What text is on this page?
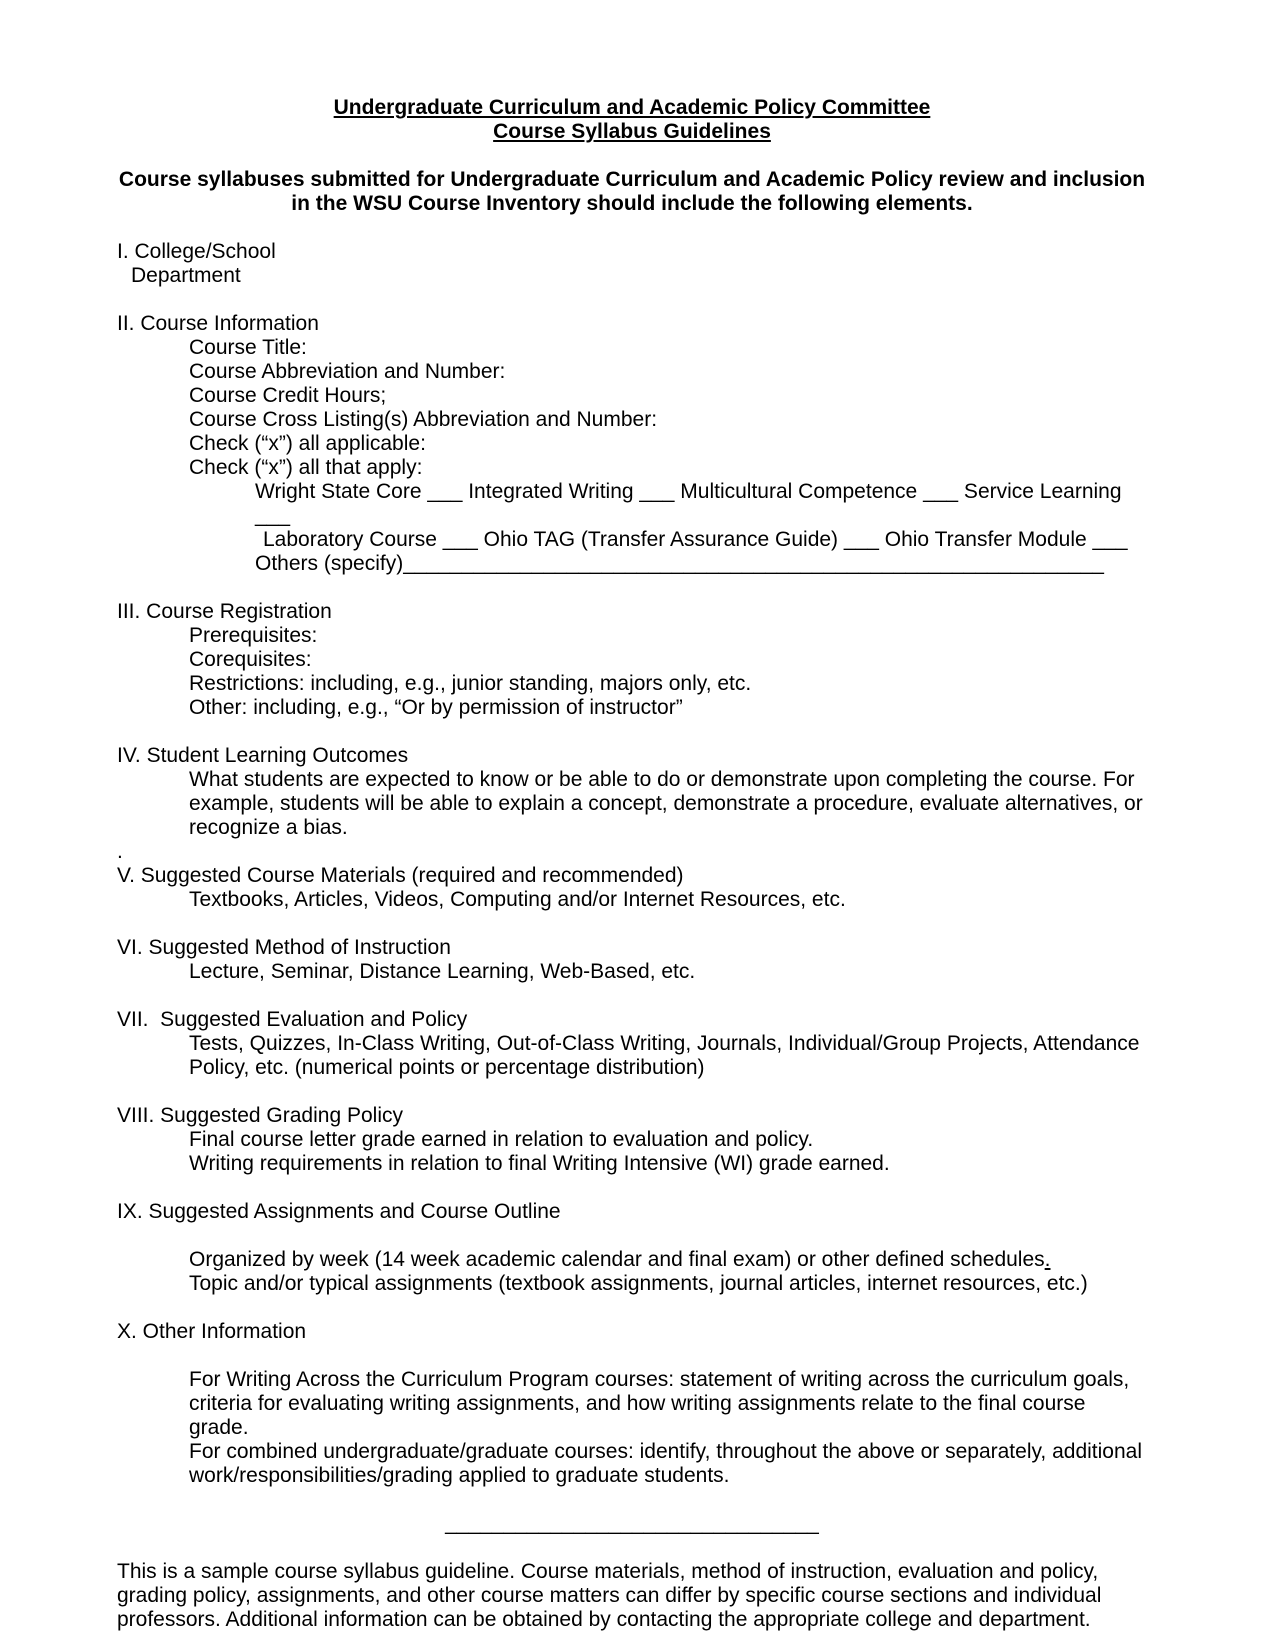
Undergraduate Curriculum and Academic Policy Committee
Course Syllabus Guidelines
Course syllabuses submitted for Undergraduate Curriculum and Academic Policy review and inclusion in the WSU Course Inventory should include the following elements.
I. College/School
Department
II. Course Information
Course Title:
Course Abbreviation and Number:
Course Credit Hours;
Course Cross Listing(s) Abbreviation and Number:
Check (“x”) all applicable:
Check (“x”) all that apply:
Wright State Core ___ Integrated Writing ___ Multicultural Competence ___ Service Learning ___
Laboratory Course ___ Ohio TAG (Transfer Assurance Guide) ___ Ohio Transfer Module ___
Others (specify)____________________________________________________________
III. Course Registration
Prerequisites:
Corequisites:
Restrictions: including, e.g., junior standing, majors only, etc.
Other: including, e.g., “Or by permission of instructor”
IV. Student Learning Outcomes
What students are expected to know or be able to do or demonstrate upon completing the course. For example, students will be able to explain a concept, demonstrate a procedure, evaluate alternatives, or recognize a bias.
.
V. Suggested Course Materials (required and recommended)
Textbooks, Articles, Videos, Computing and/or Internet Resources, etc.
VI. Suggested Method of Instruction
Lecture, Seminar, Distance Learning, Web-Based, etc.
VII.  Suggested Evaluation and Policy
Tests, Quizzes, In-Class Writing, Out-of-Class Writing, Journals, Individual/Group Projects, Attendance Policy, etc. (numerical points or percentage distribution)
VIII. Suggested Grading Policy
Final course letter grade earned in relation to evaluation and policy.
Writing requirements in relation to final Writing Intensive (WI) grade earned.
IX. Suggested Assignments and Course Outline
Organized by week (14 week academic calendar and final exam) or other defined schedules.
Topic and/or typical assignments (textbook assignments, journal articles, internet resources, etc.)
X. Other Information
For Writing Across the Curriculum Program courses: statement of writing across the curriculum goals, criteria for evaluating writing assignments, and how writing assignments relate to the final course grade.
For combined undergraduate/graduate courses: identify, throughout the above or separately, additional work/responsibilities/grading applied to graduate students.
________________________________
This is a sample course syllabus guideline. Course materials, method of instruction, evaluation and policy, grading policy, assignments, and other course matters can differ by specific course sections and individual professors. Additional information can be obtained by contacting the appropriate college and department.
